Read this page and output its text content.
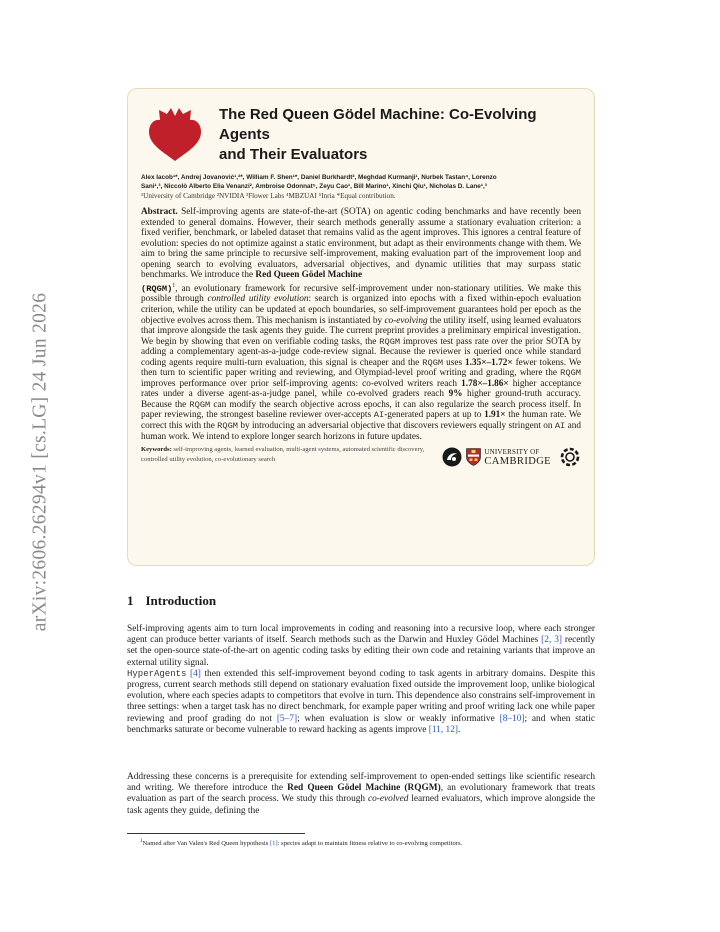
arXiv:2606.26294v1 [cs.LG] 24 Jun 2026
The Red Queen Gödel Machine: Co-Evolving Agents
and Their Evaluators
Alex Iacob¹*, Andrej Jovanović¹,²*, William F. Shen¹*, Daniel Burkhardt², Meghdad Kurmanji¹, Nurbek Tastan⁴, Lorenzo
Sani¹,³, Niccolò Alberto Elia Venanzi², Ambroise Odonnat⁵, Zeyu Cao¹, Bill Marino¹, Xinchi Qiu¹, Nicholas D. Lane¹,³
¹University of Cambridge ²NVIDIA ³Flower Labs ⁴MBZUAI ⁵Inria *Equal contribution.

Abstract. Self-improving agents are state-of-the-art (SOTA) on agentic coding benchmarks and have recently been extended to general domains. However, their search methods generally assume a stationary evaluation criterion: a fixed verifier, benchmark, or labeled dataset that remains valid as the agent improves. This ignores a central feature of evolution: species do not optimize against a static environment, but adapt as their environments change with them. We aim to bring the same principle to recursive self-improvement, making evaluation part of the improvement loop and opening search to evolving evaluators, adversarial objectives, and dynamic utilities that may surpass static benchmarks. We introduce the Red Queen Gödel Machine
(RQGM)$^1$, an evolutionary framework for recursive self-improvement under non-stationary utilities. We make this possible through controlled utility evolution: search is organized into epochs with a fixed within-epoch evaluation criterion, while the utility can be updated at epoch boundaries, so self-improvement guarantees hold per epoch as the objective evolves across them. This mechanism is instantiated by co-evolving the utility itself, using learned evaluators that improve alongside the task agents they guide. The current preprint provides a preliminary empirical investigation. We begin by showing that even on verifiable coding tasks, the RQGM improves test pass rate over the prior SOTA by adding a complementary agent-as-a-judge code-review signal. Because the reviewer is queried once while standard coding agents require multi-turn evaluation, this signal is cheaper and the RQGM uses 1.35×–1.72× fewer tokens. We then turn to scientific paper writing and reviewing, and Olympiad-level proof writing and grading, where the RQGM improves performance over prior self-improving agents: co-evolved writers reach 1.78×–1.86× higher acceptance rates under a diverse agent-as-a-judge panel, while co-evolved graders reach 9% higher ground-truth accuracy. Because the RQGM can modify the search objective across epochs, it can also regularize the search process itself. In paper reviewing, the strongest baseline reviewer over-accepts AI-generated papers at up to 1.91× the human rate. We correct this with the RQGM by introducing an adversarial objective that discovers reviewers equally stringent on AI and human work. We intend to explore longer search horizons in future updates.

Keywords: self-improving agents, learned evaluation, multi-agent systems, automated scientific discovery, controlled utility evolution, co-evolutionary search
UNIVERSITY OF
CAMBRIDGE
1 Introduction

Self-improving agents aim to turn local improvements in coding and reasoning into a recursive loop, where each stronger agent can produce better variants of itself. Search methods such as the Darwin and Huxley Gödel Machines [2, 3] recently set the open-source state-of-the-art on agentic coding tasks by editing their own code and retaining variants that improve an external utility signal.
HyperAgents [4] then extended this self-improvement beyond coding to task agents in arbitrary domains. Despite this progress, current search methods still depend on stationary evaluation fixed outside the improvement loop, unlike biological evolution, where each species adapts to competitors that evolve in turn. This dependence also constrains self-improvement in three settings: when a target task has no direct benchmark, for example paper writing and proof writing lack one while paper reviewing and proof grading do not [5–7]; when evaluation is slow or weakly informative [8–10]; and when static benchmarks saturate or become vulnerable to reward hacking as agents improve [11, 12].

Addressing these concerns is a prerequisite for extending self-improvement to open-ended settings like scientific research and writing. We therefore introduce the Red Queen Gödel Machine (RQGM), an evolutionary framework that treats evaluation as part of the search process. We study this through co-evolved learned evaluators, which improve alongside the task agents they guide, defining the

$^1$Named after Van Valen's Red Queen hypothesis [1]: species adapt to maintain fitness relative to co-evolving competitors.
